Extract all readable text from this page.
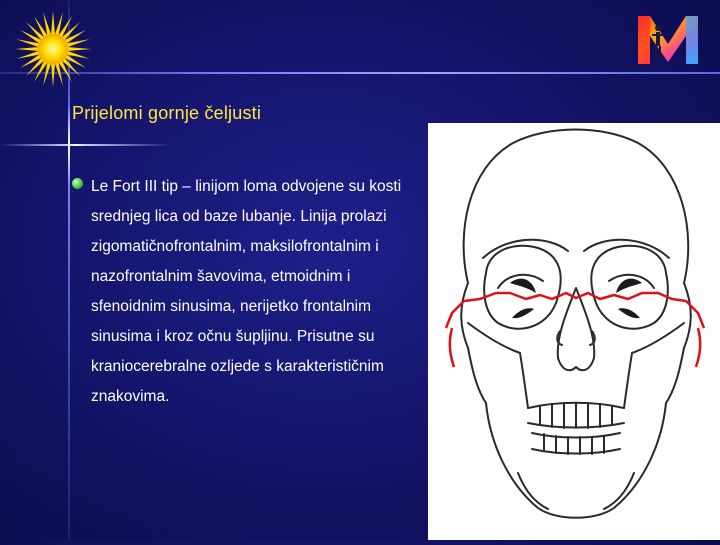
Prijelomi gornje čeljusti

Le Fort III tip – linijom loma odvojene su kosti srednjeg lica od baze lubanje. Linija prolazi zigomatičnofrontalnim, maksilofrontalnim i nazofrontalnim šavovima, etmoidnim i sfenoidnim sinusima, nerijetko frontalnim sinusima i kroz očnu šupljinu. Prisutne su kraniocerebralne ozljede s karakterističnim znakovima.
